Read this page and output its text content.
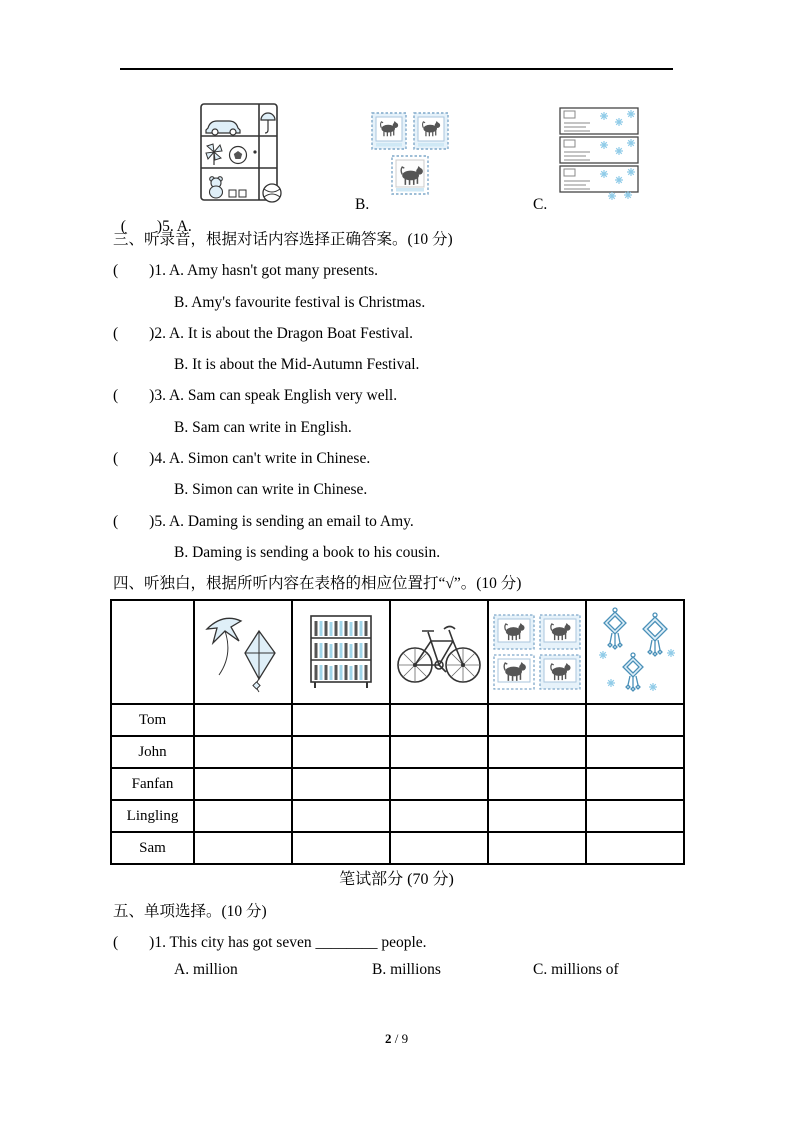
(　　)5. A.

B.

	C.

三、听录音，根据对话内容选择正确答案。(10 分)

(　　)1. A. Amy hasn't got many presents.

B. Amy's favourite festival is Christmas.

(　　)2. A. It is about the Dragon Boat Festival.

B. It is about the Mid-Autumn Festival.

(　　)3. A. Sam can speak English very well.

B. Sam can write in English.

(　　)4. A. Simon can't write in Chinese.

B. Simon can write in Chinese.

(　　)5. A. Daming is sending an email to Amy.

B. Daming is sending a book to his cousin.

四、听独白，根据所听内容在表格的相应位置打“√”。(10 分)

Tom					
John					
Fanfan					
Lingling					
Sam					

笔试部分 (70 分)

五、单项选择。(10 分)

(　　)1. This city has got seven ________ people.

A. million	B. millions	C. millions of
2 / 9
